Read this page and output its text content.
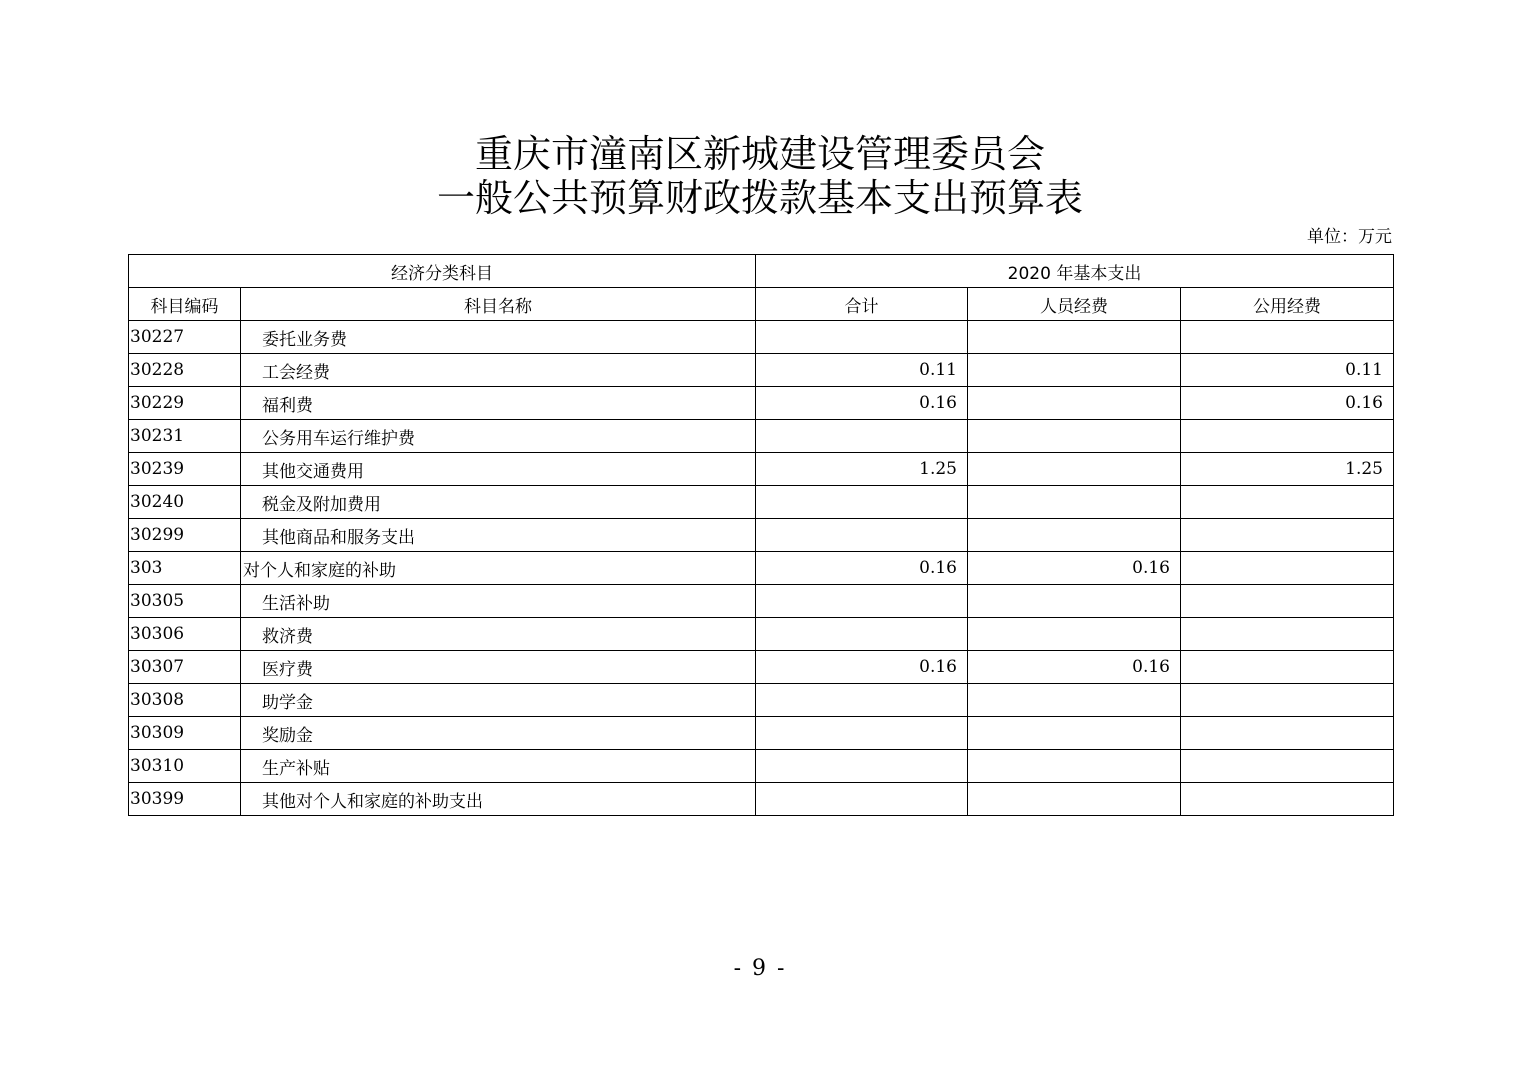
重庆市潼南区新城建设管理委员会
一般公共预算财政拨款基本支出预算表
单位：万元
经济分类科目		2020 年基本支出		
科目编码	科目名称	合计	人员经费	公用经费
30227	委托业务费			
30228	工会经费	0.11		0.11
30229	福利费	0.16		0.16
30231	公务用车运行维护费			
30239	其他交通费用	1.25		1.25
30240	税金及附加费用			
30299	其他商品和服务支出			
303	对个人和家庭的补助	0.16	0.16	
30305	生活补助			
30306	救济费			
30307	医疗费	0.16	0.16	
30308	助学金			
30309	奖励金			
30310	生产补贴			
30399	其他对个人和家庭的补助支出			
- 9 -
